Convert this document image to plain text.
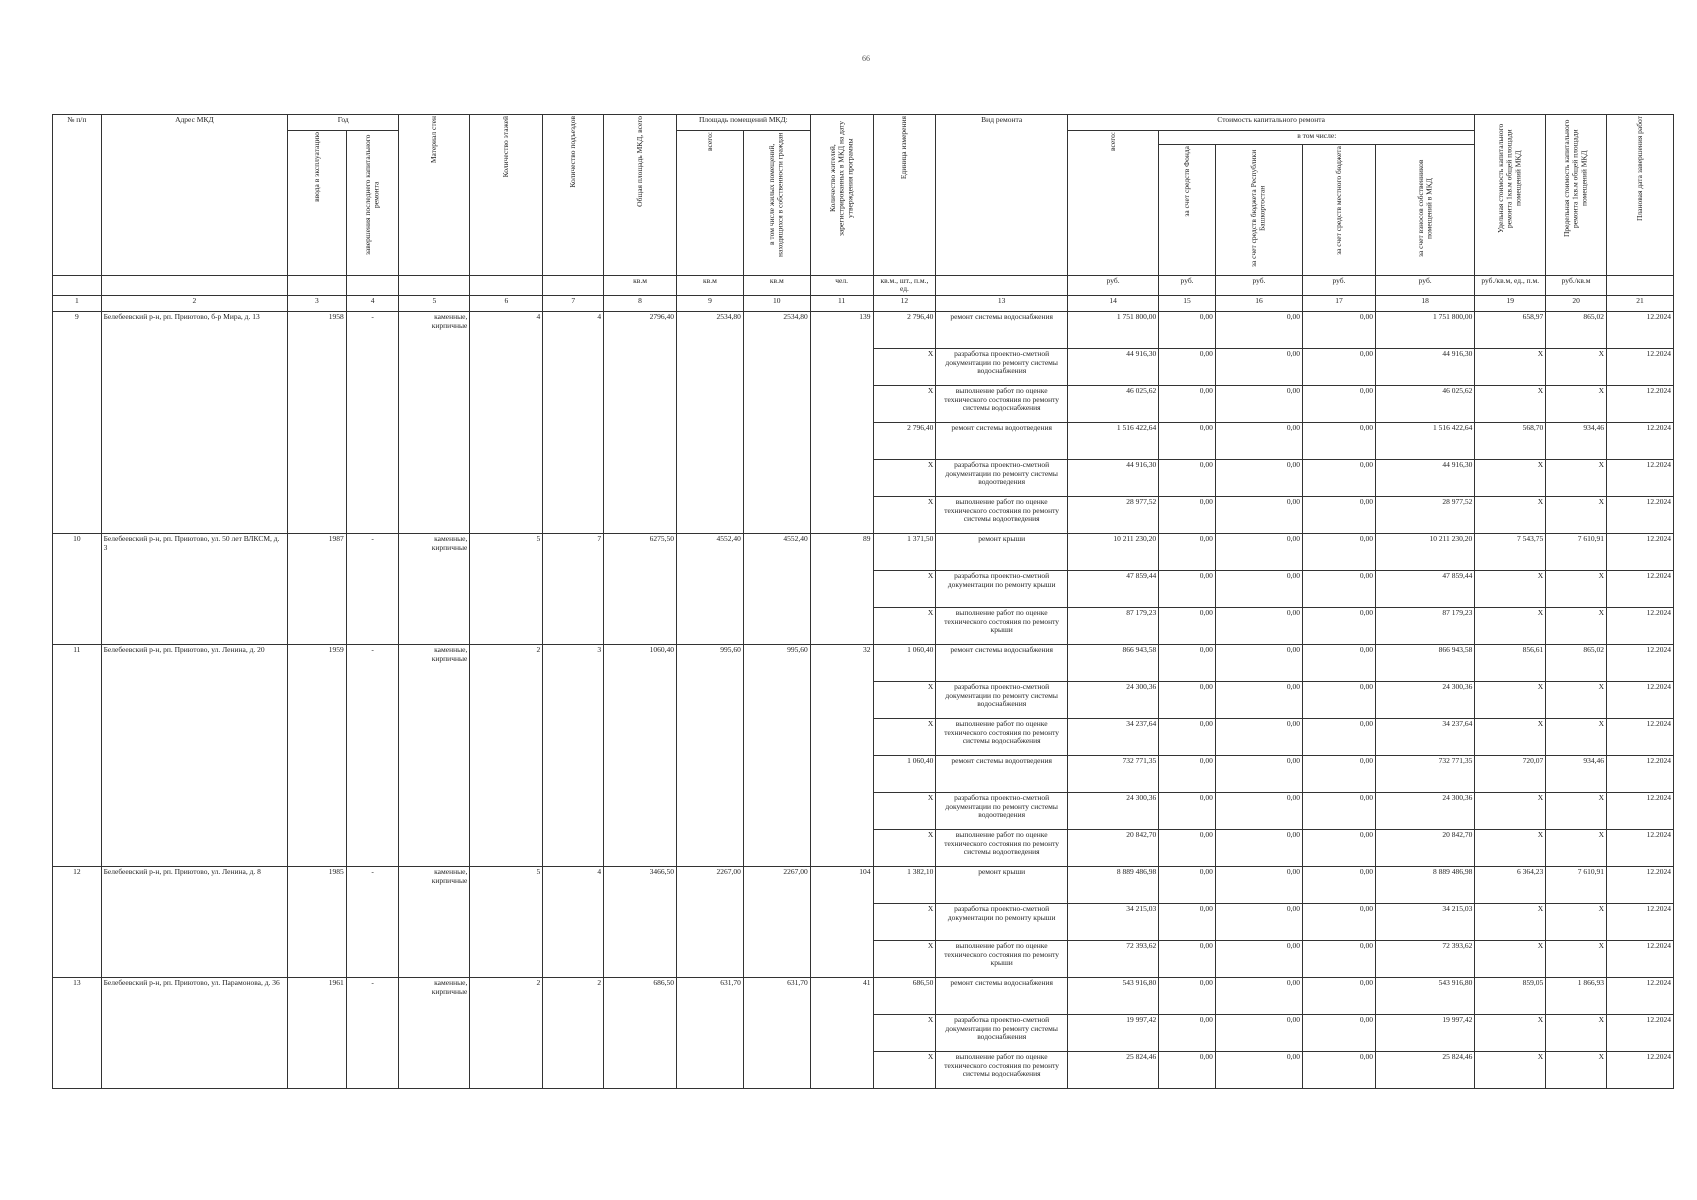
66
№ п/п	Адрес МКД	Год		Материал стен	Количество этажей	Количество подъездов	Общая площадь МКД, всего	Площадь помещений МКД:		Количество жителей, зарегистрированных в МКД на дату утверждения программы	Единица измерения	Вид ремонта	Стоимость капитального ремонта					Удельная стоимость капитального ремонта 1кв.м общей площади помещений МКД	Предельная стоимость капитального ремонта 1кв.м общей площади помещений МКД	Плановая дата завершения работ
		ввода в эксплуатацию	завершения последнего капитального ремонта					всего:	в том числе жилых помещений, находящихся в собственности граждан				всего:	в том числе:						
														за счет средств Фонда	за счет средств бюджета Республики Башкортостан	за счет средств местного бюджета	за счет взносов собственников помещений в МКД			
							кв.м	кв.м	кв.м	чел.	кв.м., шт., п.м., ед.		руб.	руб.	руб.	руб.	руб.	руб./кв.м, ед., п.м.	руб./кв.м	
1	2	3	4	5	6	7	8	9	10	11	12	13	14	15	16	17	18	19	20	21
9	Белебеевский р-н, рп. Приютово, б-р Мира, д. 13	1958	-	каменные, кирпичные	4	4	2796,40	2534,80	2534,80	139	2 796,40	ремонт системы водоснабжения	1 751 800,00	0,00	0,00	0,00	1 751 800,00	658,97	865,02	12.2024
											X	разработка проектно-сметной документации по ремонту системы водоснабжения	44 916,30	0,00	0,00	0,00	44 916,30	X	X	12.2024
											X	выполнение работ по оценке технического состояния по ремонту системы водоснабжения	46 025,62	0,00	0,00	0,00	46 025,62	X	X	12.2024
											2 796,40	ремонт системы водоотведения	1 516 422,64	0,00	0,00	0,00	1 516 422,64	568,70	934,46	12.2024
											X	разработка проектно-сметной документации по ремонту системы водоотведения	44 916,30	0,00	0,00	0,00	44 916,30	X	X	12.2024
											X	выполнение работ по оценке технического состояния по ремонту системы водоотведения	28 977,52	0,00	0,00	0,00	28 977,52	X	X	12.2024
10	Белебеевский р-н, рп. Приютово, ул. 50 лет ВЛКСМ, д. 3	1987	-	каменные, кирпичные	5	7	6275,50	4552,40	4552,40	89	1 371,50	ремонт крыши	10 211 230,20	0,00	0,00	0,00	10 211 230,20	7 543,75	7 610,91	12.2024
											X	разработка проектно-сметной документации по ремонту крыши	47 859,44	0,00	0,00	0,00	47 859,44	X	X	12.2024
											X	выполнение работ по оценке технического состояния по ремонту крыши	87 179,23	0,00	0,00	0,00	87 179,23	X	X	12.2024
11	Белебеевский р-н, рп. Приютово, ул. Ленина, д. 20	1959	-	каменные, кирпичные	2	3	1060,40	995,60	995,60	32	1 060,40	ремонт системы водоснабжения	866 943,58	0,00	0,00	0,00	866 943,58	856,61	865,02	12.2024
											X	разработка проектно-сметной документации по ремонту системы водоснабжения	24 300,36	0,00	0,00	0,00	24 300,36	X	X	12.2024
											X	выполнение работ по оценке технического состояния по ремонту системы водоснабжения	34 237,64	0,00	0,00	0,00	34 237,64	X	X	12.2024
											1 060,40	ремонт системы водоотведения	732 771,35	0,00	0,00	0,00	732 771,35	720,07	934,46	12.2024
											X	разработка проектно-сметной документации по ремонту системы водоотведения	24 300,36	0,00	0,00	0,00	24 300,36	X	X	12.2024
											X	выполнение работ по оценке технического состояния по ремонту системы водоотведения	20 842,70	0,00	0,00	0,00	20 842,70	X	X	12.2024
12	Белебеевский р-н, рп. Приютово, ул. Ленина, д. 8	1985	-	каменные, кирпичные	5	4	3466,50	2267,00	2267,00	104	1 382,10	ремонт крыши	8 889 486,98	0,00	0,00	0,00	8 889 486,98	6 364,23	7 610,91	12.2024
											X	разработка проектно-сметной документации по ремонту крыши	34 215,03	0,00	0,00	0,00	34 215,03	X	X	12.2024
											X	выполнение работ по оценке технического состояния по ремонту крыши	72 393,62	0,00	0,00	0,00	72 393,62	X	X	12.2024
13	Белебеевский р-н, рп. Приютово, ул. Парамонова, д. 36	1961	-	каменные, кирпичные	2	2	686,50	631,70	631,70	41	686,50	ремонт системы водоснабжения	543 916,80	0,00	0,00	0,00	543 916,80	859,05	1 866,93	12.2024
											X	разработка проектно-сметной документации по ремонту системы водоснабжения	19 997,42	0,00	0,00	0,00	19 997,42	X	X	12.2024
											X	выполнение работ по оценке технического состояния по ремонту системы водоснабжения	25 824,46	0,00	0,00	0,00	25 824,46	X	X	12.2024
